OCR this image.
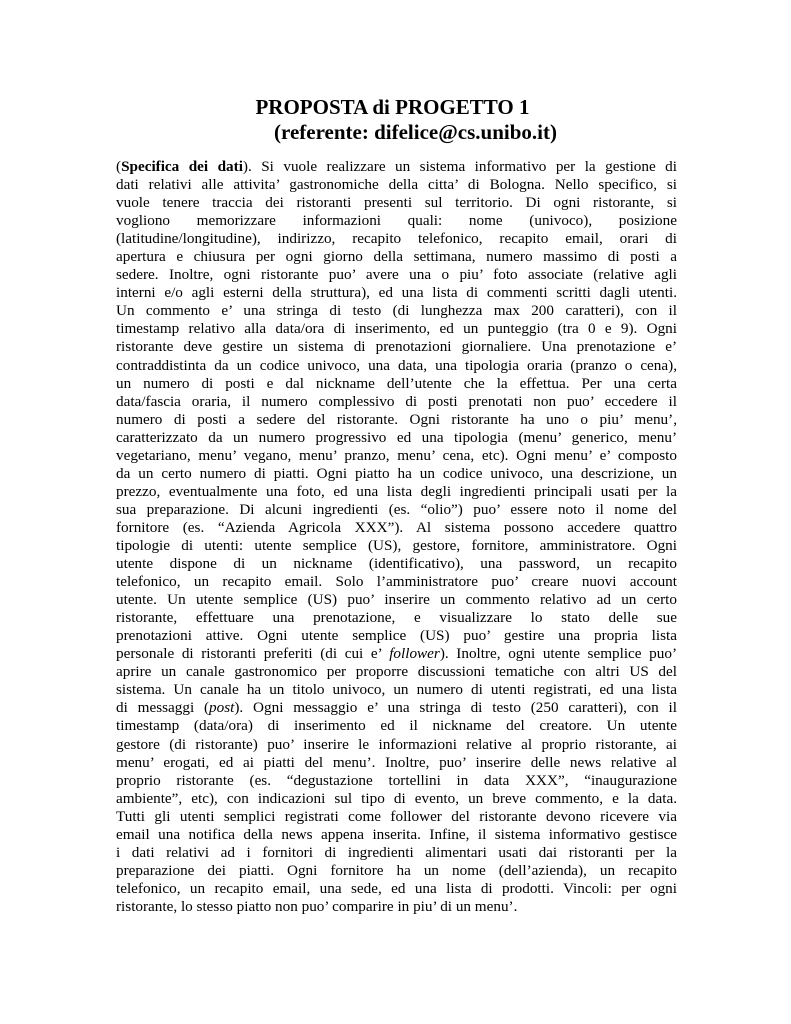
PROPOSTA di PROGETTO 1
(referente: difelice@cs.unibo.it)
(Specifica dei dati). Si vuole realizzare un sistema informativo per la gestione di
dati relativi alle attivita’ gastronomiche della citta’ di Bologna. Nello specifico, si
vuole tenere traccia dei ristoranti presenti sul territorio. Di ogni ristorante, si
vogliono memorizzare informazioni quali: nome (univoco), posizione
(latitudine/longitudine), indirizzo, recapito telefonico, recapito email, orari di
apertura e chiusura per ogni giorno della settimana, numero massimo di posti a
sedere. Inoltre, ogni ristorante puo’ avere una o piu’ foto associate (relative agli
interni e/o agli esterni della struttura), ed una lista di commenti scritti dagli utenti.
Un commento e’ una stringa di testo (di lunghezza max 200 caratteri), con il
timestamp relativo alla data/ora di inserimento, ed un punteggio (tra 0 e 9). Ogni
ristorante deve gestire un sistema di prenotazioni giornaliere. Una prenotazione e’
contraddistinta da un codice univoco, una data, una tipologia oraria (pranzo o cena),
un numero di posti e dal nickname dell’utente che la effettua. Per una certa
data/fascia oraria, il numero complessivo di posti prenotati non puo’ eccedere il
numero di posti a sedere del ristorante. Ogni ristorante ha uno o piu’ menu’,
caratterizzato da un numero progressivo ed una tipologia (menu’ generico, menu’
vegetariano, menu’ vegano, menu’ pranzo, menu’ cena, etc). Ogni menu’ e’ composto
da un certo numero di piatti. Ogni piatto ha un codice univoco, una descrizione, un
prezzo, eventualmente una foto, ed una lista degli ingredienti principali usati per la
sua preparazione. Di alcuni ingredienti (es. “olio”) puo’ essere noto il nome del
fornitore (es. “Azienda Agricola XXX”). Al sistema possono accedere quattro
tipologie di utenti: utente semplice (US), gestore, fornitore, amministratore. Ogni
utente dispone di un nickname (identificativo), una password, un recapito
telefonico, un recapito email. Solo l’amministratore puo’ creare nuovi account
utente. Un utente semplice (US) puo’ inserire un commento relativo ad un certo
ristorante, effettuare una prenotazione, e visualizzare lo stato delle sue
prenotazioni attive. Ogni utente semplice (US) puo’ gestire una propria lista
personale di ristoranti preferiti (di cui e’ follower). Inoltre, ogni utente semplice puo’
aprire un canale gastronomico per proporre discussioni tematiche con altri US del
sistema. Un canale ha un titolo univoco, un numero di utenti registrati, ed una lista
di messaggi (post). Ogni messaggio e’ una stringa di testo (250 caratteri), con il
timestamp (data/ora) di inserimento ed il nickname del creatore. Un utente
gestore (di ristorante) puo’ inserire le informazioni relative al proprio ristorante, ai
menu’ erogati, ed ai piatti del menu’. Inoltre, puo’ inserire delle news relative al
proprio ristorante (es. “degustazione tortellini in data XXX”, “inaugurazione
ambiente”, etc), con indicazioni sul tipo di evento, un breve commento, e la data.
Tutti gli utenti semplici registrati come follower del ristorante devono ricevere via
email una notifica della news appena inserita. Infine, il sistema informativo gestisce
i dati relativi ad i fornitori di ingredienti alimentari usati dai ristoranti per la
preparazione dei piatti. Ogni fornitore ha un nome (dell’azienda), un recapito
telefonico, un recapito email, una sede, ed una lista di prodotti. Vincoli: per ogni
ristorante, lo stesso piatto non puo’ comparire in piu’ di un menu’.
